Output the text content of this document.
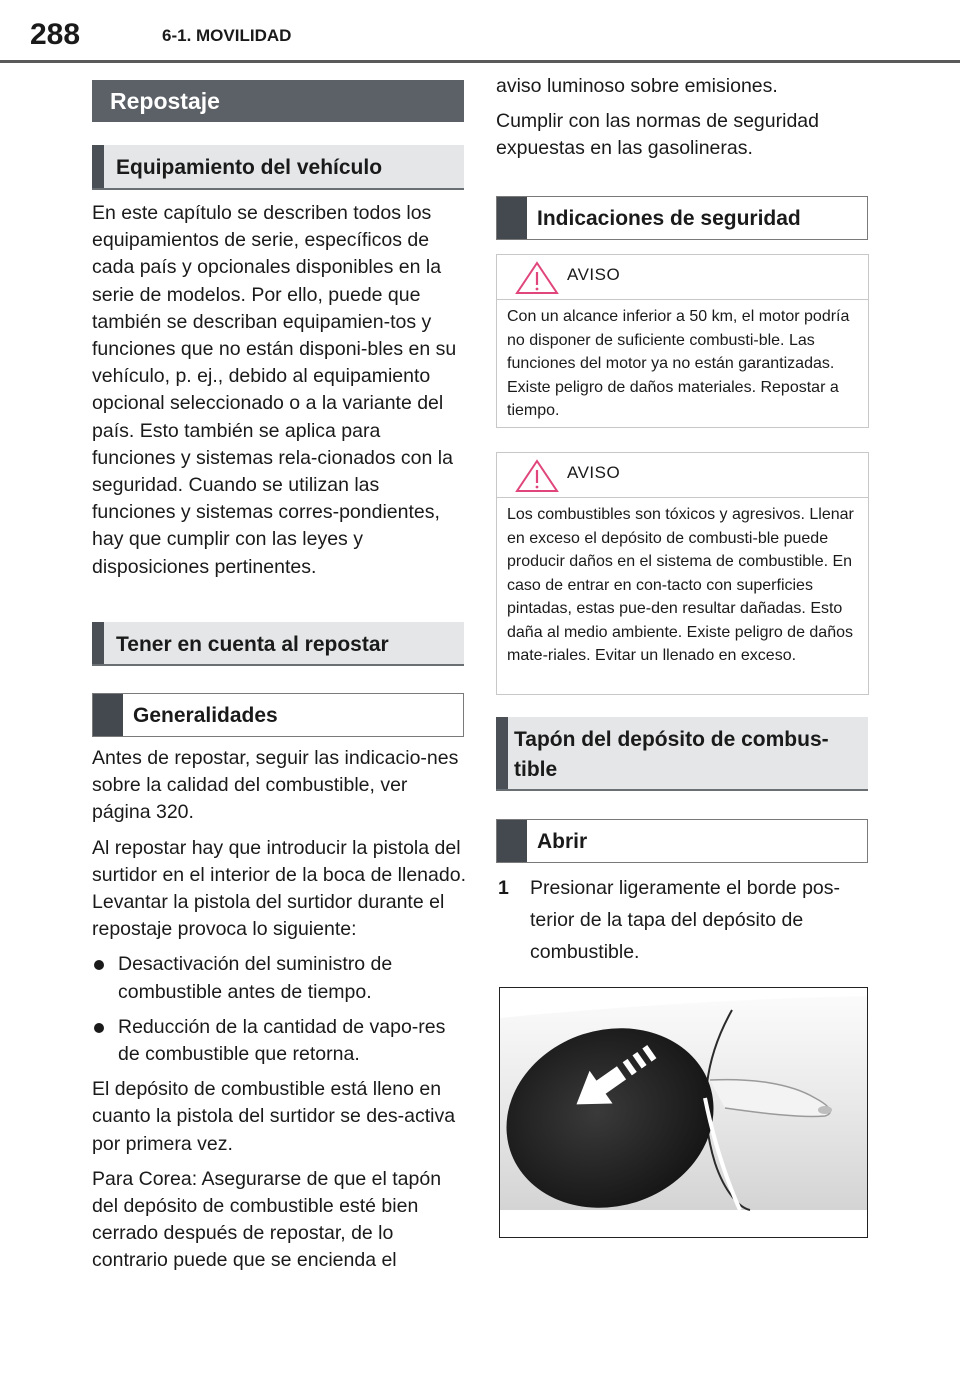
288	6-1. MOVILIDAD
Repostaje
Equipamiento del vehículo

En este capítulo se describen todos los equipamientos de serie, específicos de cada país y opcionales disponibles en la serie de modelos. Por ello, puede que también se describan equipamien-tos y funciones que no están disponi-bles en su vehículo, p. ej., debido al equipamiento opcional seleccionado o a la variante del país. Esto también se aplica para funciones y sistemas rela-cionados con la seguridad. Cuando se utilizan las funciones y sistemas corres-pondientes, hay que cumplir con las leyes y disposiciones pertinentes.

Tener en cuenta al repostar
Generalidades

Antes de repostar, seguir las indicacio-nes sobre la calidad del combustible, ver página 320.

Al repostar hay que introducir la pistola del surtidor en el interior de la boca de llenado. Levantar la pistola del surtidor durante el repostaje provoca lo siguiente:

Desactivación del suministro de combustible antes de tiempo.
Reducción de la cantidad de vapo-res de combustible que retorna.

El depósito de combustible está lleno en cuanto la pistola del surtidor se des-activa por primera vez.

Para Corea: Asegurarse de que el tapón del depósito de combustible esté bien cerrado después de repostar, de lo contrario puede que se encienda el

aviso luminoso sobre emisiones.

Cumplir con las normas de seguridad expuestas en las gasolineras.

Indicaciones de seguridad
AVISO
Con un alcance inferior a 50 km, el motor podría no disponer de suficiente combusti-ble. Las funciones del motor ya no están garantizadas. Existe peligro de daños materiales. Repostar a tiempo.
AVISO
Los combustibles son tóxicos y agresivos. Llenar en exceso el depósito de combusti-ble puede producir daños en el sistema de combustible. En caso de entrar en con-tacto con superficies pintadas, estas pue-den resultar dañadas. Esto daña al medio ambiente. Existe peligro de daños mate-riales. Evitar un llenado en exceso.
Tapón del depósito de combus-tible
Abrir
1	Presionar ligeramente el borde pos-terior de la tapa del depósito de combustible.
